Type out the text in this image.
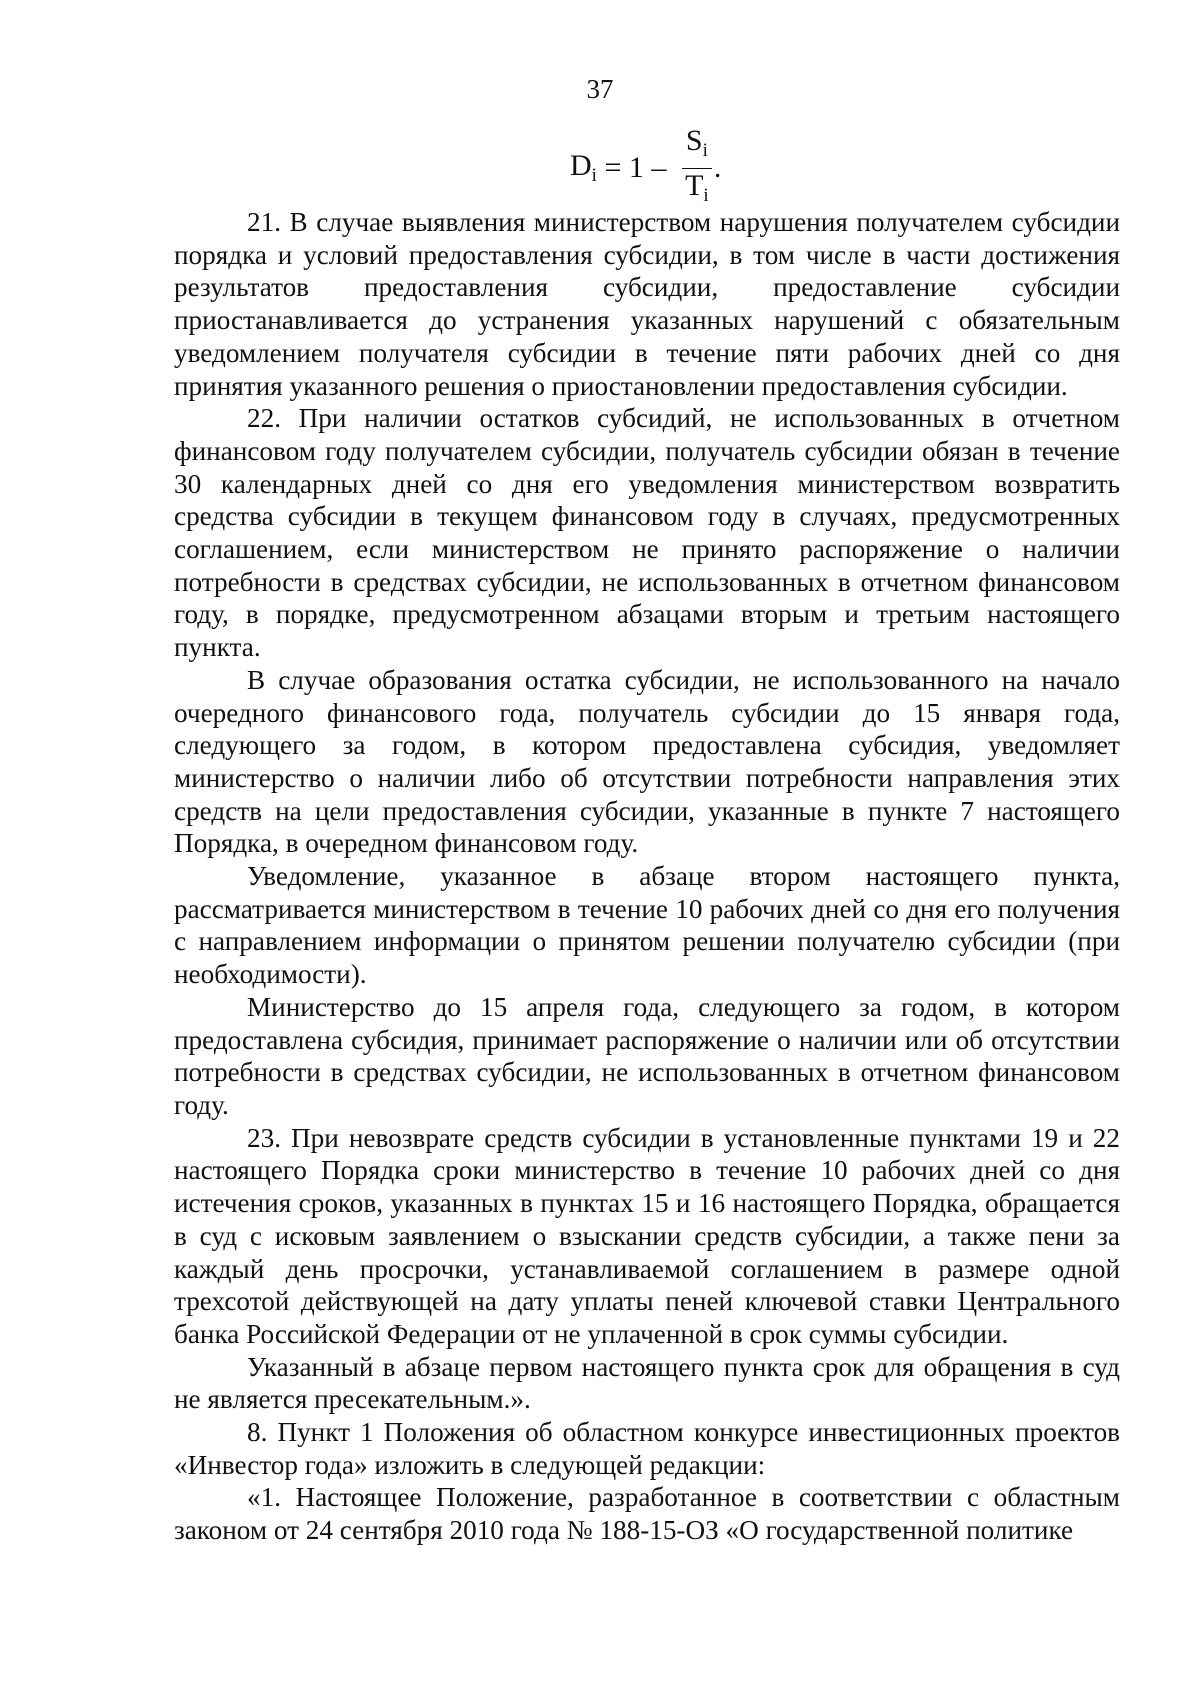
37
$D_i = 1 - \frac{S_i}{T_i}$ .

21. В случае выявления министерством нарушения получателем субсидии порядка и условий предоставления субсидии, в том числе в части достижения результатов предоставления субсидии, предоставление субсидии приостанавливается до устранения указанных нарушений с обязательным уведомлением получателя субсидии в течение пяти рабочих дней со дня принятия указанного решения о приостановлении предоставления субсидии.

22. При наличии остатков субсидий, не использованных в отчетном финансовом году получателем субсидии, получатель субсидии обязан в течение 30 календарных дней со дня его уведомления министерством возвратить средства субсидии в текущем финансовом году в случаях, предусмотренных соглашением, если министерством не принято распоряжение о наличии потребности в средствах субсидии, не использованных в отчетном финансовом году, в порядке, предусмотренном абзацами вторым и третьим настоящего пункта.

В случае образования остатка субсидии, не использованного на начало очередного финансового года, получатель субсидии до 15 января года, следующего за годом, в котором предоставлена субсидия, уведомляет министерство о наличии либо об отсутствии потребности направления этих средств на цели предоставления субсидии, указанные в пункте 7 настоящего Порядка, в очередном финансовом году.

Уведомление, указанное в абзаце втором настоящего пункта, рассматривается министерством в течение 10 рабочих дней со дня его получения с направлением информации о принятом решении получателю субсидии (при необходимости).

Министерство до 15 апреля года, следующего за годом, в котором предоставлена субсидия, принимает распоряжение о наличии или об отсутствии потребности в средствах субсидии, не использованных в отчетном финансовом году.

23. При невозврате средств субсидии в установленные пунктами 19 и 22 настоящего Порядка сроки министерство в течение 10 рабочих дней со дня истечения сроков, указанных в пунктах 15 и 16 настоящего Порядка, обращается в суд с исковым заявлением о взыскании средств субсидии, а также пени за каждый день просрочки, устанавливаемой соглашением в размере одной трехсотой действующей на дату уплаты пеней ключевой ставки Центрального банка Российской Федерации от не уплаченной в срок суммы субсидии.

Указанный в абзаце первом настоящего пункта срок для обращения в суд не является пресекательным.».

8. Пункт 1 Положения об областном конкурсе инвестиционных проектов «Инвестор года» изложить в следующей редакции:

«1. Настоящее Положение, разработанное в соответствии с областным законом от 24 сентября 2010 года № 188-15-ОЗ «О государственной политике
